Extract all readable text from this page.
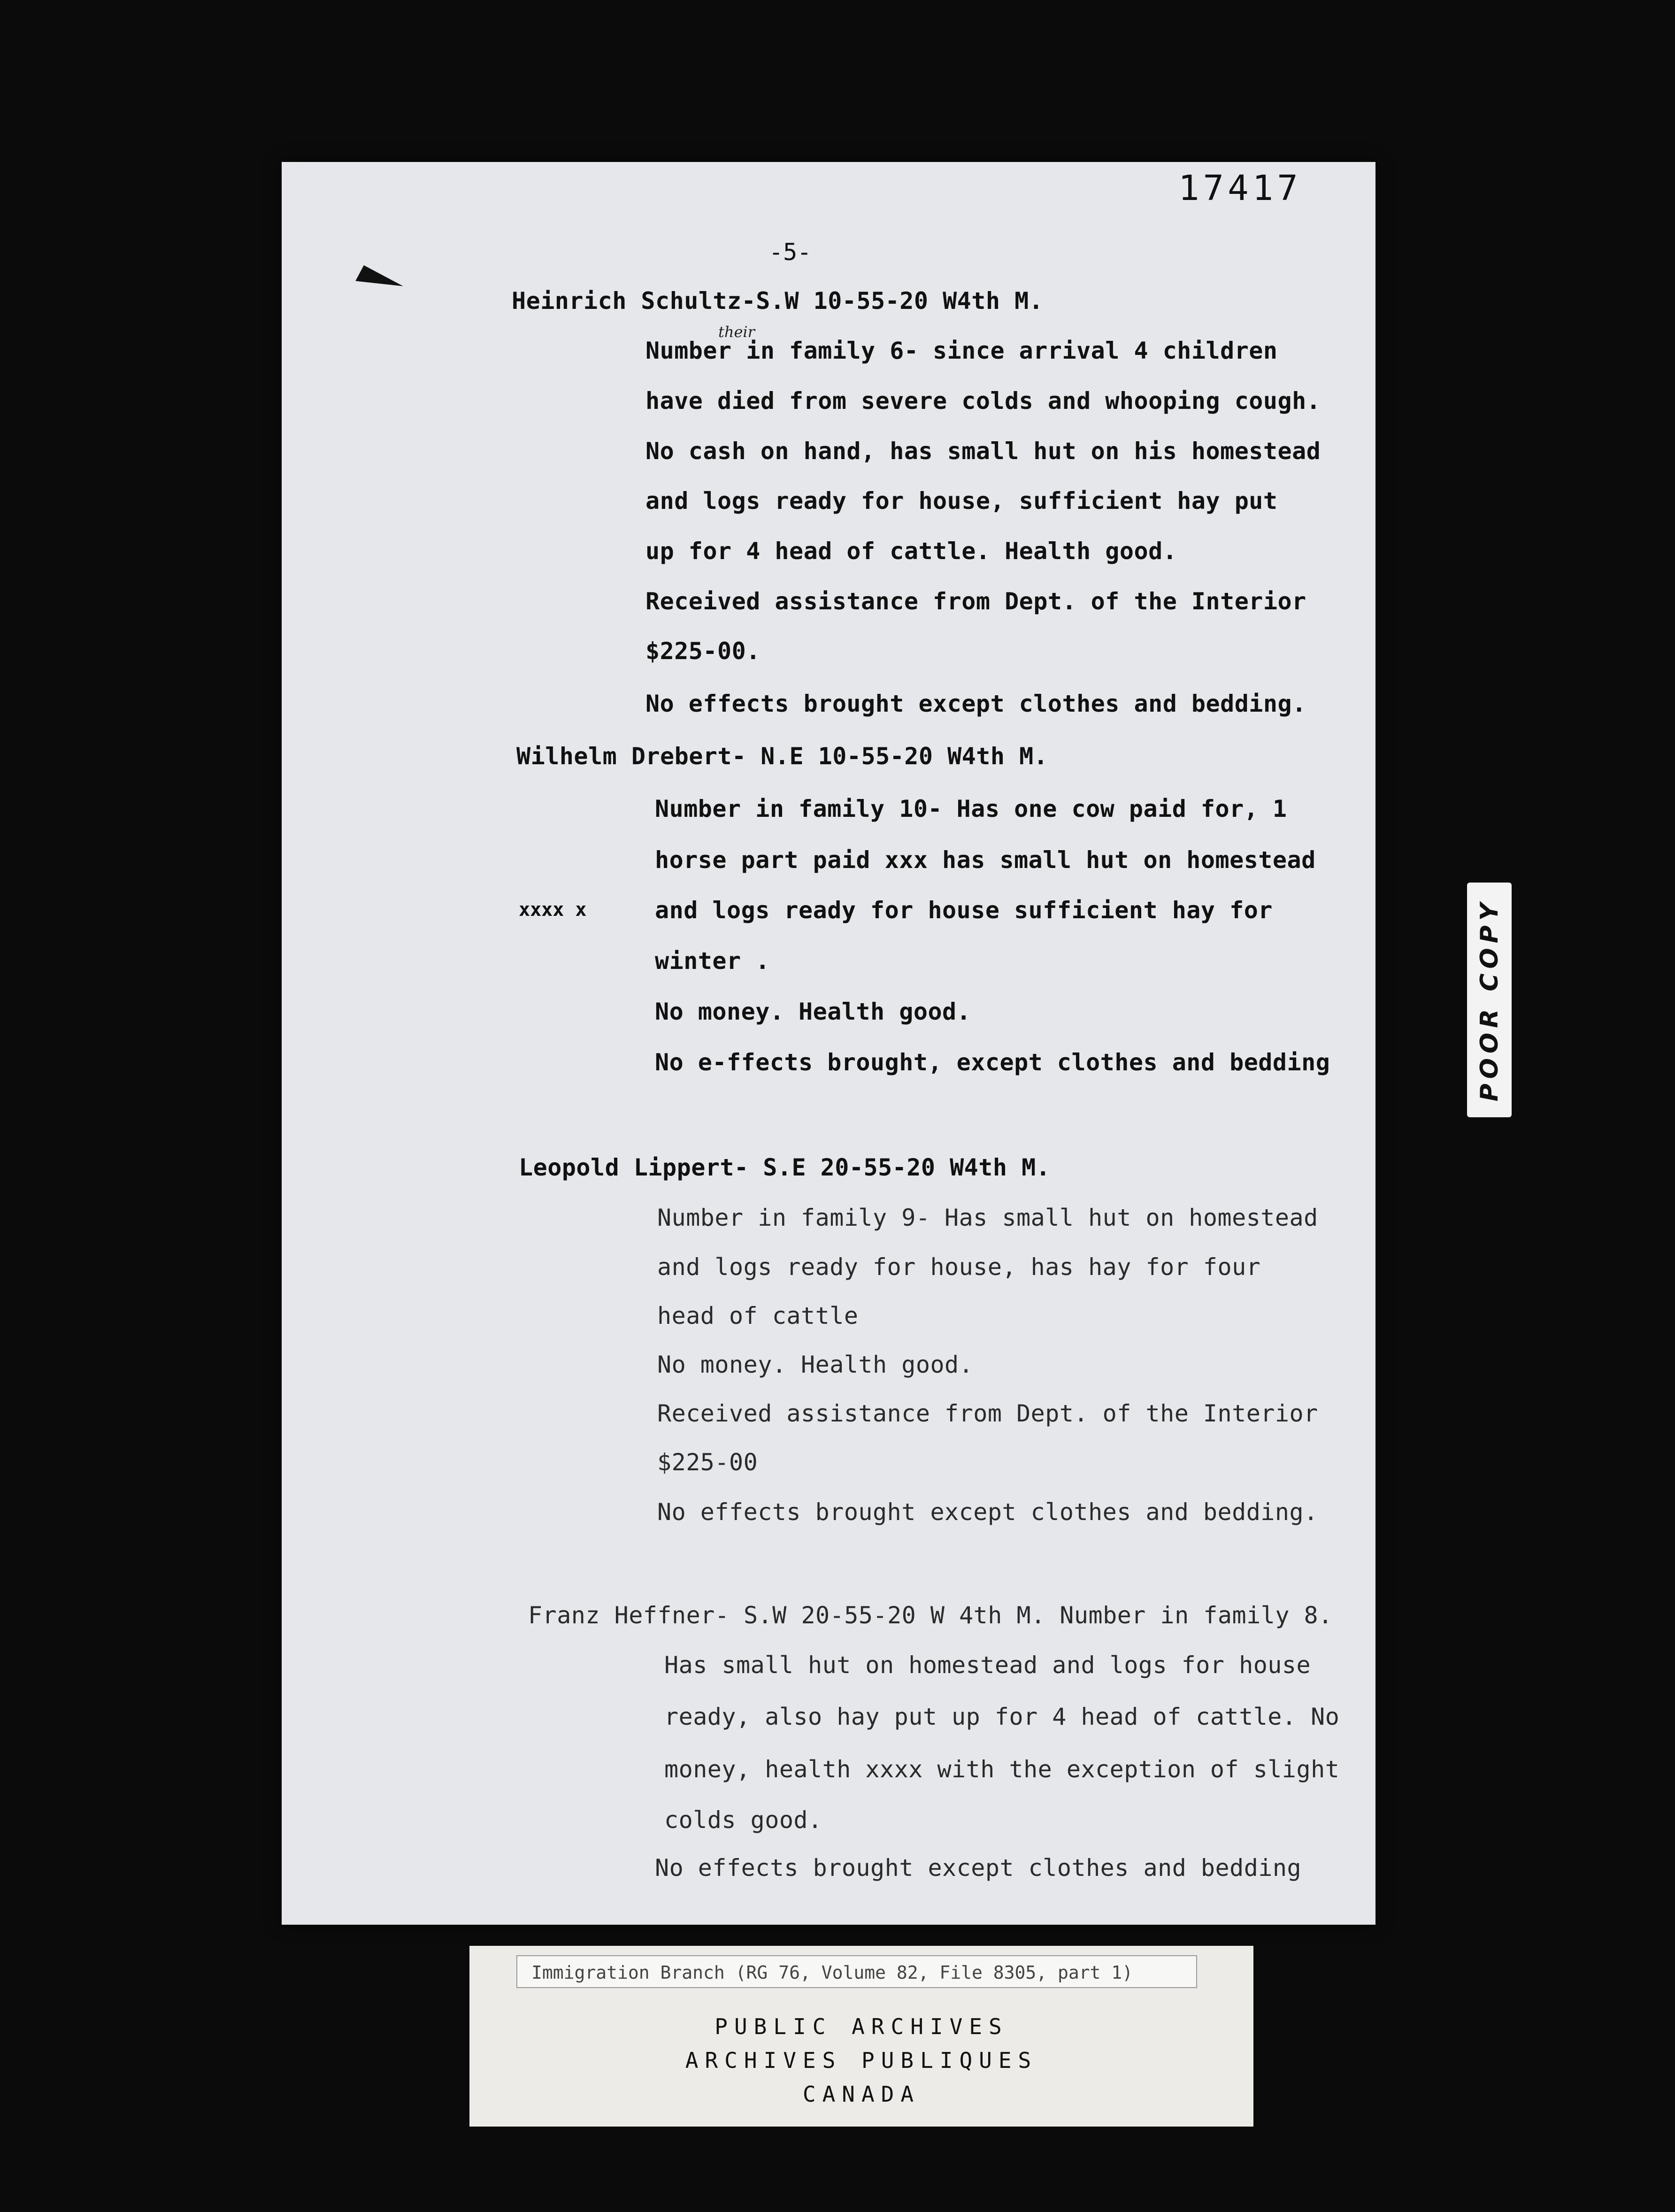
17417
-5-
their
Heinrich Schultz-S.W 10-55-20 W4th M.
Number in family 6- since arrival 4 children
have died from severe colds and whooping cough.
No cash on hand, has small hut on his homestead
and logs ready for house, sufficient hay put
up for 4 head of cattle. Health good.
Received assistance from Dept. of the Interior
$225-00.
No effects brought except clothes and bedding.
Wilhelm Drebert- N.E 10-55-20 W4th M.
Number in family 10- Has one cow paid for, 1
horse part paid xxx has small hut on homestead
xxxx x	and logs ready for house sufficient hay for
winter .
No money. Health good.
No e-ffects brought, except clothes and bedding
Leopold Lippert- S.E 20-55-20 W4th M.
Number in family 9- Has small hut on homestead
and logs ready for house, has hay for four
head of cattle
No money. Health good.
Received assistance from Dept. of the Interior
$225-00
No effects brought except clothes and bedding.
Franz Heffner- S.W 20-55-20 W 4th M. Number in family 8.
Has small hut on homestead and logs for house
ready, also hay put up for 4 head of cattle. No
money, health xxxx with the exception of slight
colds good.
No effects brought except clothes and bedding
POOR COPY
Immigration Branch (RG 76, Volume 82, File 8305, part 1)
PUBLIC ARCHIVES
ARCHIVES PUBLIQUES
CANADA
